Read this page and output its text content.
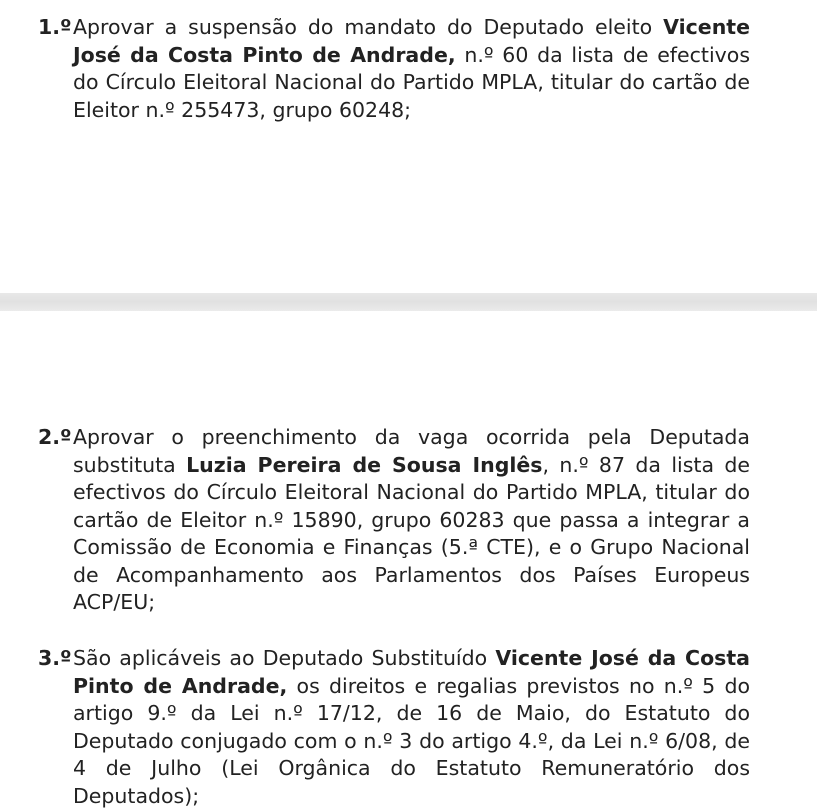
1.º Aprovar a suspensão do mandato do Deputado eleito Vicente José da Costa Pinto de Andrade, n.º 60 da lista de efectivos do Círculo Eleitoral Nacional do Partido MPLA, titular do cartão de Eleitor n.º 255473, grupo 60248;
2.º Aprovar o preenchimento da vaga ocorrida pela Deputada substituta Luzia Pereira de Sousa Inglês, n.º 87 da lista de efectivos do Círculo Eleitoral Nacional do Partido MPLA, titular do cartão de Eleitor n.º 15890, grupo 60283 que passa a integrar a Comissão de Economia e Finanças (5.ª CTE), e o Grupo Nacional de Acompanhamento aos Parlamentos dos Países Europeus ACP/EU;
3.º São aplicáveis ao Deputado Substituído Vicente José da Costa Pinto de Andrade, os direitos e regalias previstos no n.º 5 do artigo 9.º da Lei n.º 17/12, de 16 de Maio, do Estatuto do Deputado conjugado com o n.º 3 do artigo 4.º, da Lei n.º 6/08, de 4 de Julho (Lei Orgânica do Estatuto Remuneratório dos Deputados);
